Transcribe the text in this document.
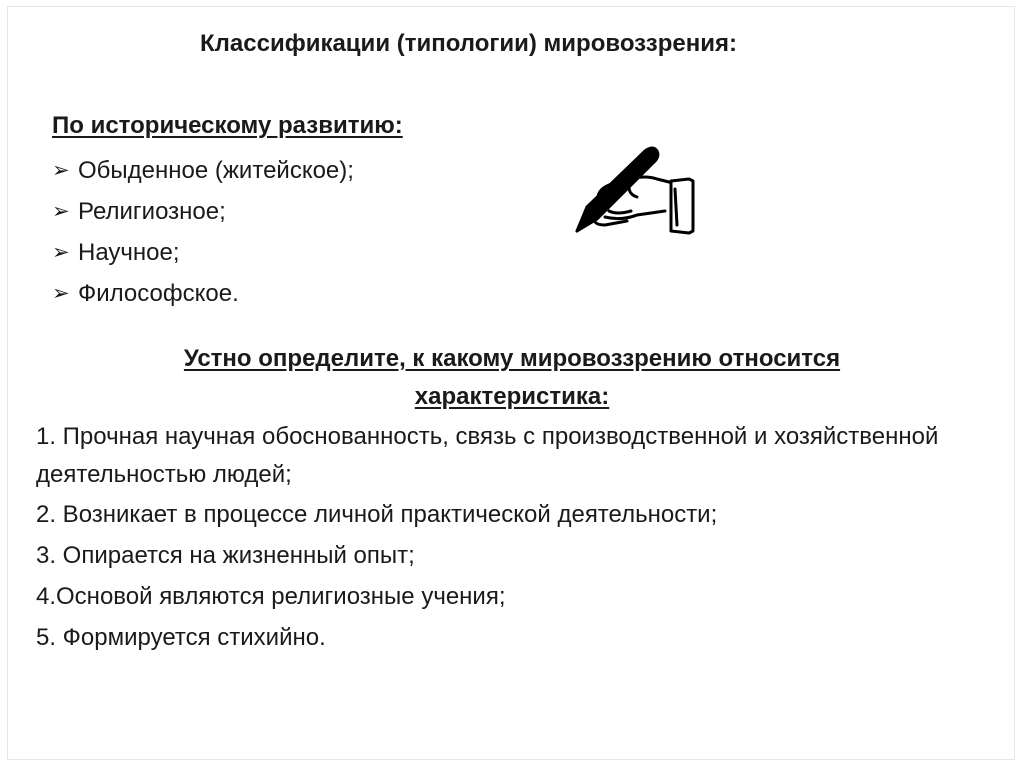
Классификации (типологии) мировоззрения:
По историческому развитию:
➢ Обыденное (житейское);
➢ Религиозное;
➢ Научное;
➢ Философское.
Устно определите, к какому мировоззрению относится
характеристика:
1. Прочная научная обоснованность, связь с производственной и хозяйственной деятельностью людей;
2. Возникает в процессе личной практической деятельности;
3. Опирается на жизненный опыт;
4.Основой являются религиозные учения;
5. Формируется стихийно.
